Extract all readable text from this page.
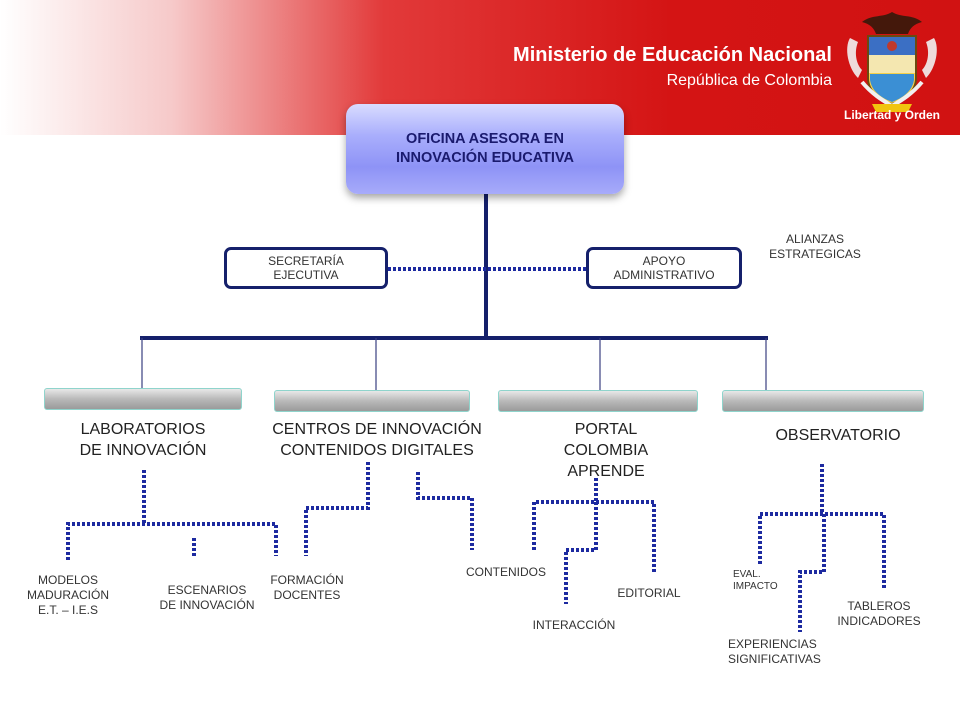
Ministerio de Educación Nacional
República de Colombia
Libertad y Orden
OFICINA ASESORA EN
INNOVACIÓN EDUCATIVA
SECRETARÍA
EJECUTIVA
APOYO
ADMINISTRATIVO
ALIANZAS
ESTRATEGICAS
LABORATORIOS
DE INNOVACIÓN
CENTROS DE INNOVACIÓN
CONTENIDOS DIGITALES
PORTAL
COLOMBIA
APRENDE
OBSERVATORIO
MODELOS
MADURACIÓN
E.T. – I.E.S
ESCENARIOS
DE INNOVACIÓN
FORMACIÓN
DOCENTES
CONTENIDOS
INTERACCIÓN
EDITORIAL
EVAL.
IMPACTO
EXPERIENCIAS
SIGNIFICATIVAS
TABLEROS
INDICADORES
